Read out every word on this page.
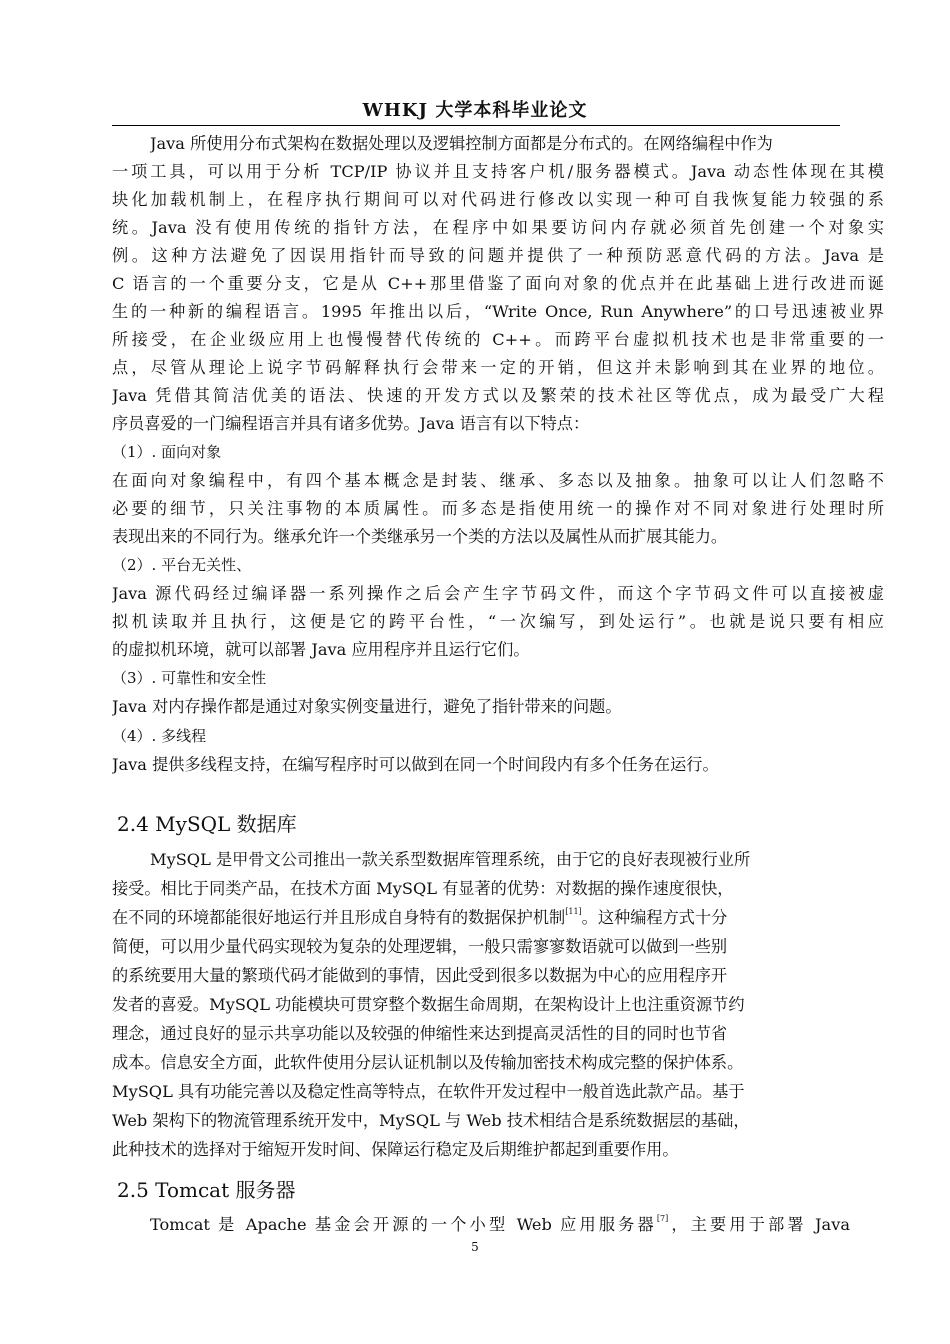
WHKJ 大学本科毕业论文
Java 所使用分布式架构在数据处理以及逻辑控制方面都是分布式的。在网络编程中作为
一项工具，可以用于分析 TCP/IP 协议并且支持客户机/服务器模式。Java 动态性体现在其模
块化加载机制上，在程序执行期间可以对代码进行修改以实现一种可自我恢复能力较强的系
统。Java 没有使用传统的指针方法，在程序中如果要访问内存就必须首先创建一个对象实
例。这种方法避免了因误用指针而导致的问题并提供了一种预防恶意代码的方法。Java 是
C 语言的一个重要分支，它是从 C++那里借鉴了面向对象的优点并在此基础上进行改进而诞
生的一种新的编程语言。1995 年推出以后，“Write Once, Run Anywhere”的口号迅速被业界
所接受，在企业级应用上也慢慢替代传统的 C++。而跨平台虚拟机技术也是非常重要的一
点，尽管从理论上说字节码解释执行会带来一定的开销，但这并未影响到其在业界的地位。
Java 凭借其简洁优美的语法、快速的开发方式以及繁荣的技术社区等优点，成为最受广大程
序员喜爱的一门编程语言并具有诸多优势。Java 语言有以下特点：
（1）. 面向对象
在面向对象编程中，有四个基本概念是封装、继承、多态以及抽象。抽象可以让人们忽略不
必要的细节，只关注事物的本质属性。而多态是指使用统一的操作对不同对象进行处理时所
表现出来的不同行为。继承允许一个类继承另一个类的方法以及属性从而扩展其能力。
（2）. 平台无关性、
Java 源代码经过编译器一系列操作之后会产生字节码文件，而这个字节码文件可以直接被虚
拟机读取并且执行，这便是它的跨平台性，“一次编写，到处运行”。也就是说只要有相应
的虚拟机环境，就可以部署 Java 应用程序并且运行它们。
（3）. 可靠性和安全性
Java 对内存操作都是通过对象实例变量进行，避免了指针带来的问题。
（4）. 多线程
Java 提供多线程支持，在编写程序时可以做到在同一个时间段内有多个任务在运行。
2.4 MySQL 数据库
MySQL 是甲骨文公司推出一款关系型数据库管理系统，由于它的良好表现被行业所
接受。相比于同类产品，在技术方面 MySQL 有显著的优势：对数据的操作速度很快，
在不同的环境都能很好地运行并且形成自身特有的数据保护机制[11]。这种编程方式十分
简便，可以用少量代码实现较为复杂的处理逻辑，一般只需寥寥数语就可以做到一些别
的系统要用大量的繁琐代码才能做到的事情，因此受到很多以数据为中心的应用程序开
发者的喜爱。MySQL 功能模块可贯穿整个数据生命周期，在架构设计上也注重资源节约
理念，通过良好的显示共享功能以及较强的伸缩性来达到提高灵活性的目的同时也节省
成本。信息安全方面，此软件使用分层认证机制以及传输加密技术构成完整的保护体系。
MySQL 具有功能完善以及稳定性高等特点，在软件开发过程中一般首选此款产品。基于
Web 架构下的物流管理系统开发中，MySQL 与 Web 技术相结合是系统数据层的基础，
此种技术的选择对于缩短开发时间、保障运行稳定及后期维护都起到重要作用。
2.5 Tomcat 服务器
Tomcat 是 Apache 基金会开源的一个小型 Web 应用服务器[7]，主要用于部署 Java
5
